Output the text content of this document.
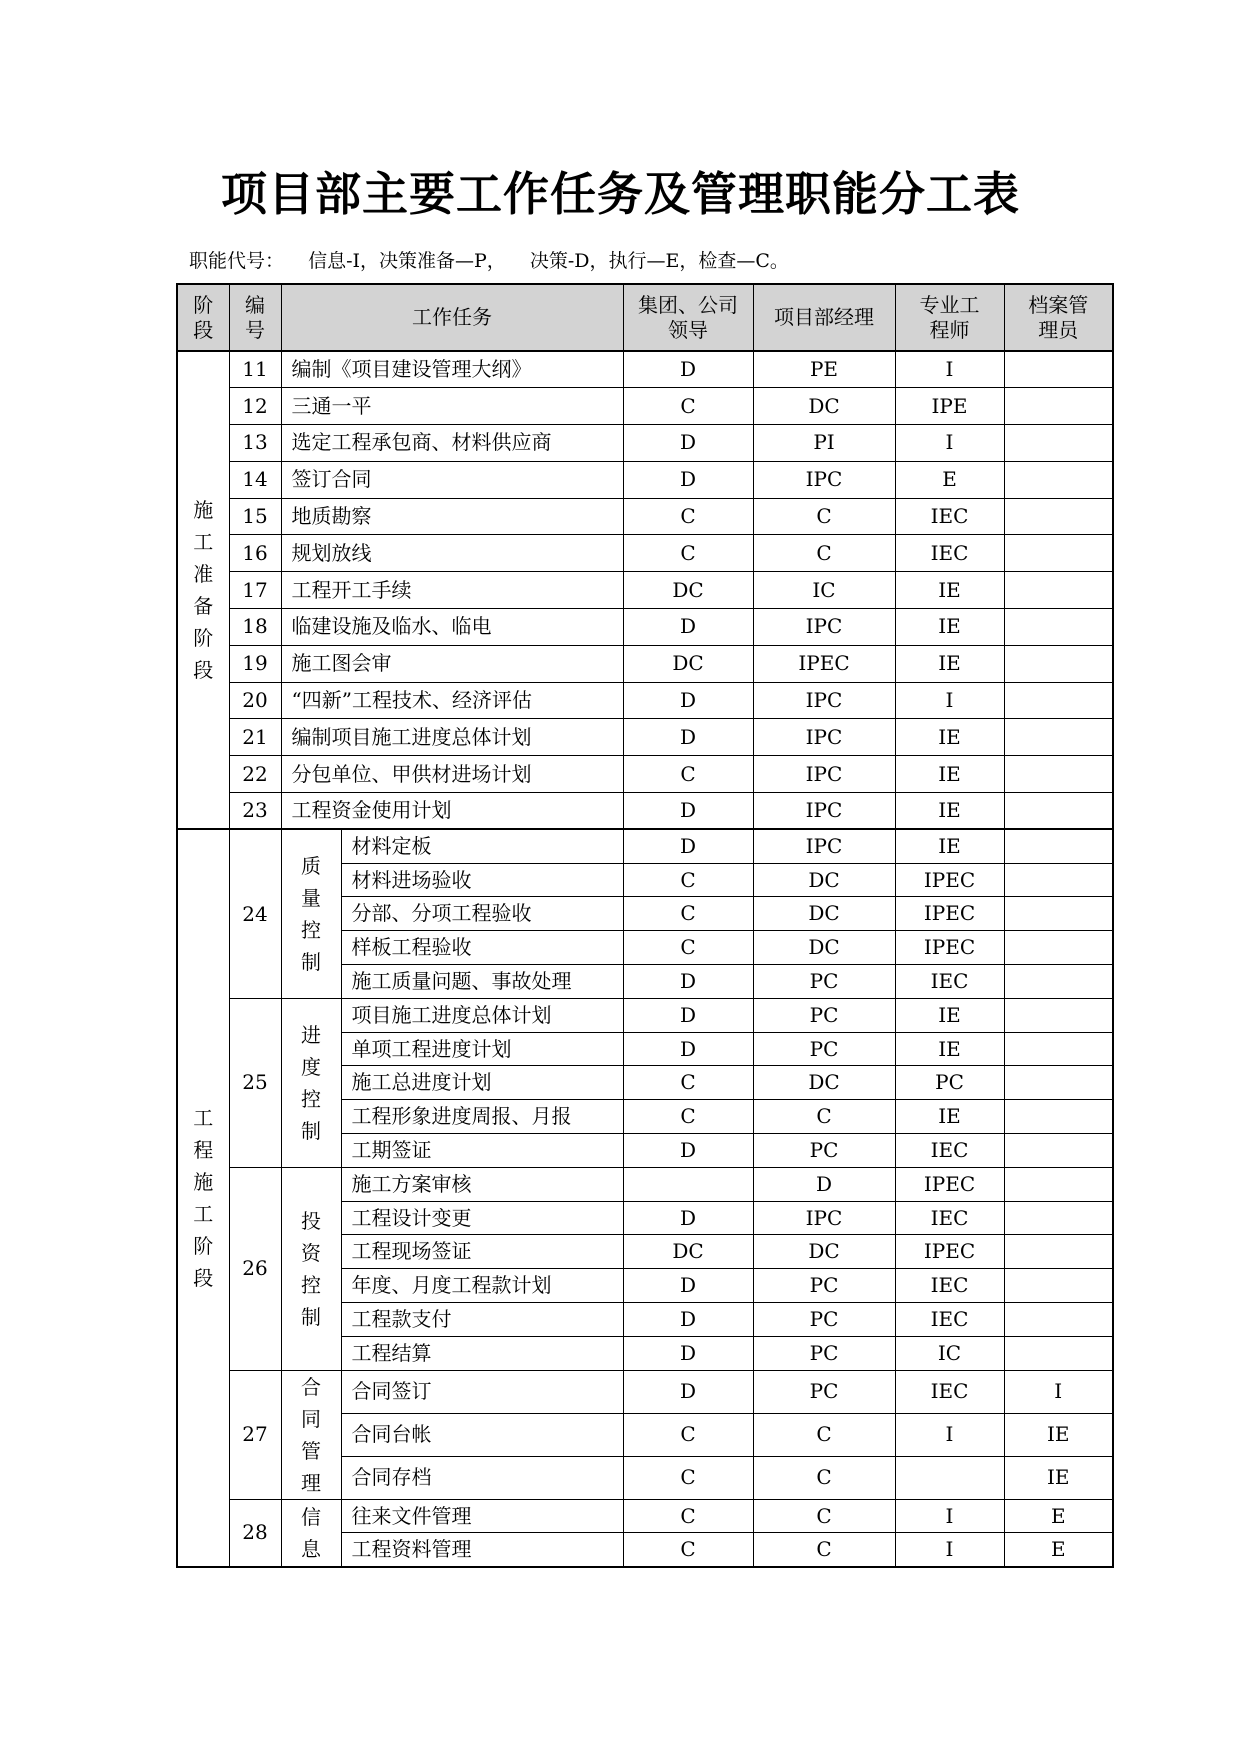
项目部主要工作任务及管理职能分工表
职能代号： 信息-I，决策准备—P， 决策-D，执行—E，检查—C。
阶段	编号	工作任务		集团、公司领导	项目部经理	专业工程师	档案管理员
施工准备阶段	11	编制《项目建设管理大纲》		D	PE	I	
	12	三通一平		C	DC	IPE	
	13	选定工程承包商、材料供应商		D	PI	I	
	14	签订合同		D	IPC	E	
	15	地质勘察		C	C	IEC	
	16	规划放线		C	C	IEC	
	17	工程开工手续		DC	IC	IE	
	18	临建设施及临水、临电		D	IPC	IE	
	19	施工图会审		DC	IPEC	IE	
	20	“四新”工程技术、经济评估		D	IPC	I	
	21	编制项目施工进度总体计划		D	IPC	IE	
	22	分包单位、甲供材进场计划		C	IPC	IE	
	23	工程资金使用计划		D	IPC	IE	
工程施工阶段	24	质量控制	材料定板	D	IPC	IE	
			材料进场验收	C	DC	IPEC	
			分部、分项工程验收	C	DC	IPEC	
			样板工程验收	C	DC	IPEC	
			施工质量问题、事故处理	D	PC	IEC	
	25	进度控制	项目施工进度总体计划	D	PC	IE	
			单项工程进度计划	D	PC	IE	
			施工总进度计划	C	DC	PC	
			工程形象进度周报、月报	C	C	IE	
			工期签证	D	PC	IEC	
	26	投资控制	施工方案审核		D	IPEC	
			工程设计变更	D	IPC	IEC	
			工程现场签证	DC	DC	IPEC	
			年度、月度工程款计划	D	PC	IEC	
			工程款支付	D	PC	IEC	
			工程结算	D	PC	IC	
	27	合同管理	合同签订	D	PC	IEC	I
			合同台帐	C	C	I	IE
			合同存档	C	C		IE
	28	信息	往来文件管理	C	C	I	E
			工程资料管理	C	C	I	E
